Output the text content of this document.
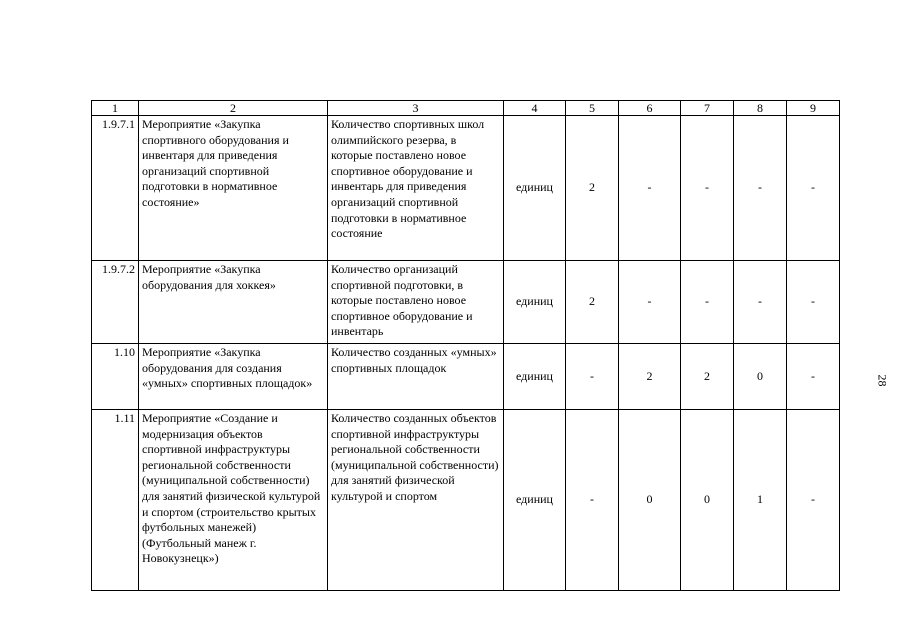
1	2	3	4	5	6	7	8	9
1.9.7.1	Мероприятие «Закупка спортивного оборудования и инвентаря для приведения организаций спортивной подготовки в нормативное состояние»	Количество спортивных школ олимпийского резерва, в которые поставлено новое спортивное оборудование и инвентарь для приведения организаций спортивной подготовки в нормативное состояние	единиц	2	-	-	-	-
1.9.7.2	Мероприятие «Закупка оборудования для хоккея»	Количество организаций спортивной подготовки, в которые поставлено новое спортивное оборудование и инвентарь	единиц	2	-	-	-	-
1.10	Мероприятие «Закупка оборудования для создания «умных» спортивных площадок»	Количество созданных «умных» спортивных площадок	единиц	-	2	2	0	-
1.11	Мероприятие «Создание и модернизация объектов спортивной инфраструктуры региональной собственности (муниципальной собственности) для занятий физической культурой и спортом (строительство крытых футбольных манежей) (Футбольный манеж г. Новокузнецк»)	Количество созданных объектов спортивной инфраструктуры региональной собственности (муниципальной собственности) для занятий физической культурой и спортом	единиц	-	0	0	1	-
28
